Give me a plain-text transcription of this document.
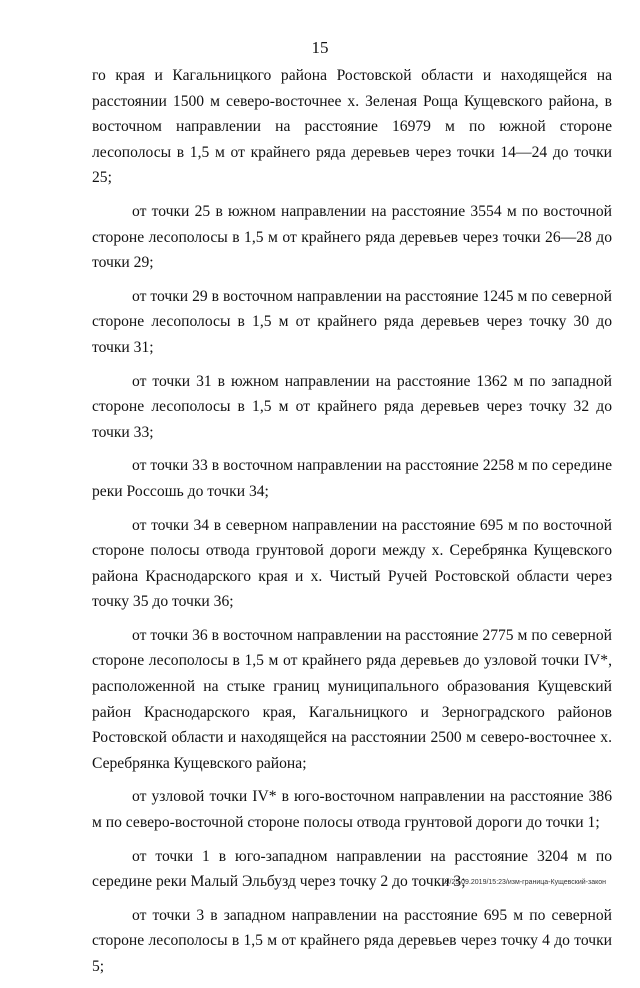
15

го края и Кагальницкого района Ростовской области и находящейся на расстоянии 1500 м северо-восточнее х. Зеленая Роща Кущевского района, в восточном направлении на расстояние 16979 м по южной стороне лесополосы в 1,5 м от крайнего ряда деревьев через точки 14—24 до точки 25;

от точки 25 в южном направлении на расстояние 3554 м по восточной стороне лесополосы в 1,5 м от крайнего ряда деревьев через точки 26—28 до точки 29;

от точки 29 в восточном направлении на расстояние 1245 м по северной стороне лесополосы в 1,5 м от крайнего ряда деревьев через точку 30 до точки 31;

от точки 31 в южном направлении на расстояние 1362 м по западной стороне лесополосы в 1,5 м от крайнего ряда деревьев через точку 32 до точки 33;

от точки 33 в восточном направлении на расстояние 2258 м по середине реки Россошь до точки 34;

от точки 34 в северном направлении на расстояние 695 м по восточной стороне полосы отвода грунтовой дороги между х. Серебрянка Кущевского района Краснодарского края и х. Чистый Ручей Ростовской области через точку 35 до точки 36;

от точки 36 в восточном направлении на расстояние 2775 м по северной стороне лесополосы в 1,5 м от крайнего ряда деревьев до узловой точки IV*, расположенной на стыке границ муниципального образования Кущевский район Краснодарского края, Кагальницкого и Зерноградского районов Ростовской области и находящейся на расстоянии 2500 м северо-восточнее х. Серебрянка Кущевского района;

от узловой точки IV* в юго-восточном направлении на расстояние 386 м по северо-восточной стороне полосы отвода грунтовой дороги до точки 1;

от точки 1 в юго-западном направлении на расстояние 3204 м по середине реки Малый Эльбузд через точку 2 до точки 3;

от точки 3 в западном направлении на расстояние 695 м по северной стороне лесополосы в 1,5 м от крайнего ряда деревьев через точку 4 до точки 5;

U/25.09.2019/15:23/изм-граница-Кущевский-закон
